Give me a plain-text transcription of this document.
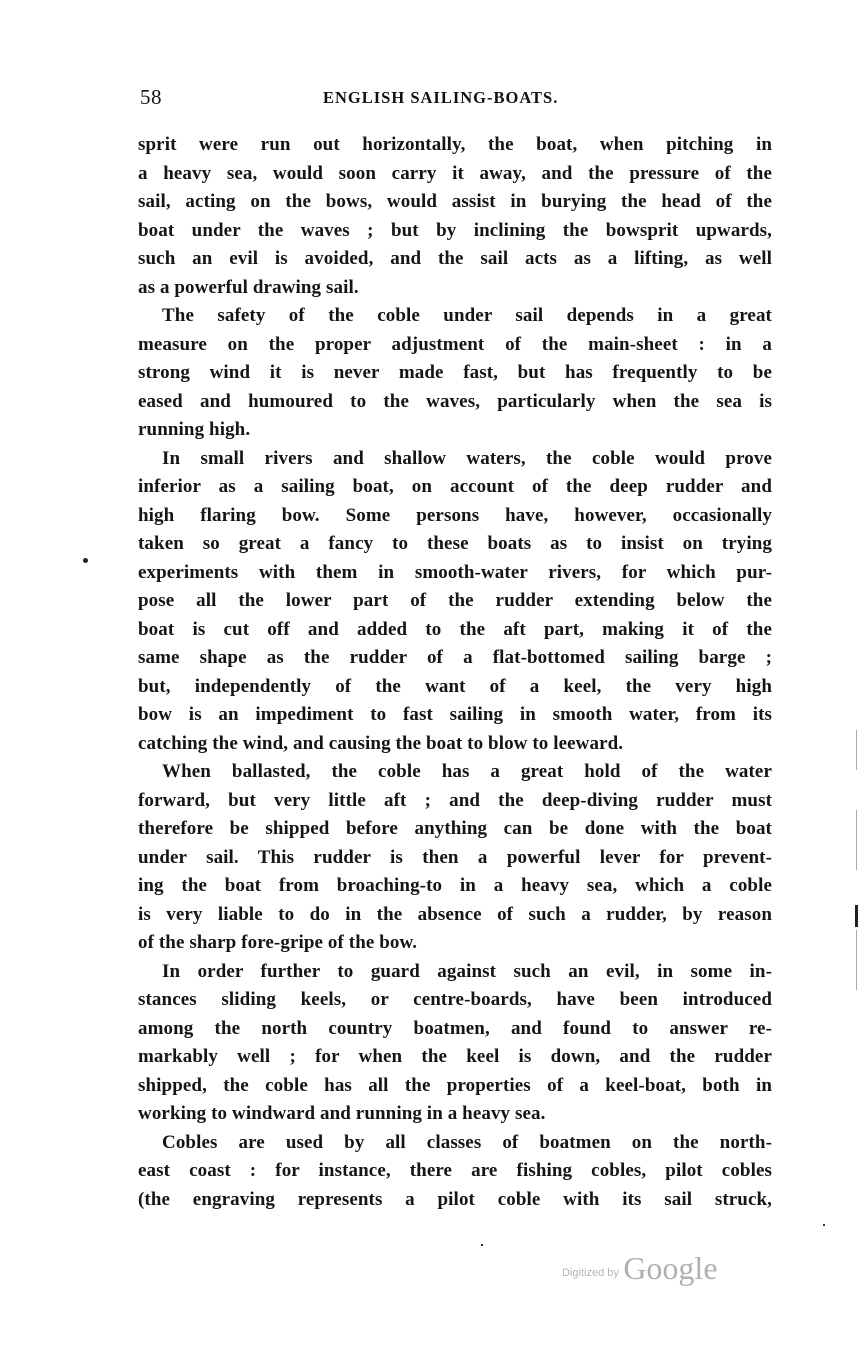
58	ENGLISH SAILING-BOATS.
sprit were run out horizontally, the boat, when pitching in
a heavy sea, would soon carry it away, and the pressure of the
sail, acting on the bows, would assist in burying the head of the
boat under the waves ; but by inclining the bowsprit upwards,
such an evil is avoided, and the sail acts as a lifting, as well
as a powerful drawing sail.
The safety of the coble under sail depends in a great
measure on the proper adjustment of the main-sheet : in a
strong wind it is never made fast, but has frequently to be
eased and humoured to the waves, particularly when the sea is
running high.
In small rivers and shallow waters, the coble would prove
inferior as a sailing boat, on account of the deep rudder and
high flaring bow. Some persons have, however, occasionally
taken so great a fancy to these boats as to insist on trying
experiments with them in smooth-water rivers, for which pur-
pose all the lower part of the rudder extending below the
boat is cut off and added to the aft part, making it of the
same shape as the rudder of a flat-bottomed sailing barge ;
but, independently of the want of a keel, the very high
bow is an impediment to fast sailing in smooth water, from its
catching the wind, and causing the boat to blow to leeward.
When ballasted, the coble has a great hold of the water
forward, but very little aft ; and the deep-diving rudder must
therefore be shipped before anything can be done with the boat
under sail. This rudder is then a powerful lever for prevent-
ing the boat from broaching-to in a heavy sea, which a coble
is very liable to do in the absence of such a rudder, by reason
of the sharp fore-gripe of the bow.
In order further to guard against such an evil, in some in-
stances sliding keels, or centre-boards, have been introduced
among the north country boatmen, and found to answer re-
markably well ; for when the keel is down, and the rudder
shipped, the coble has all the properties of a keel-boat, both in
working to windward and running in a heavy sea.
Cobles are used by all classes of boatmen on the north-
east coast : for instance, there are fishing cobles, pilot cobles
(the engraving represents a pilot coble with its sail struck,
Digitized by Google
